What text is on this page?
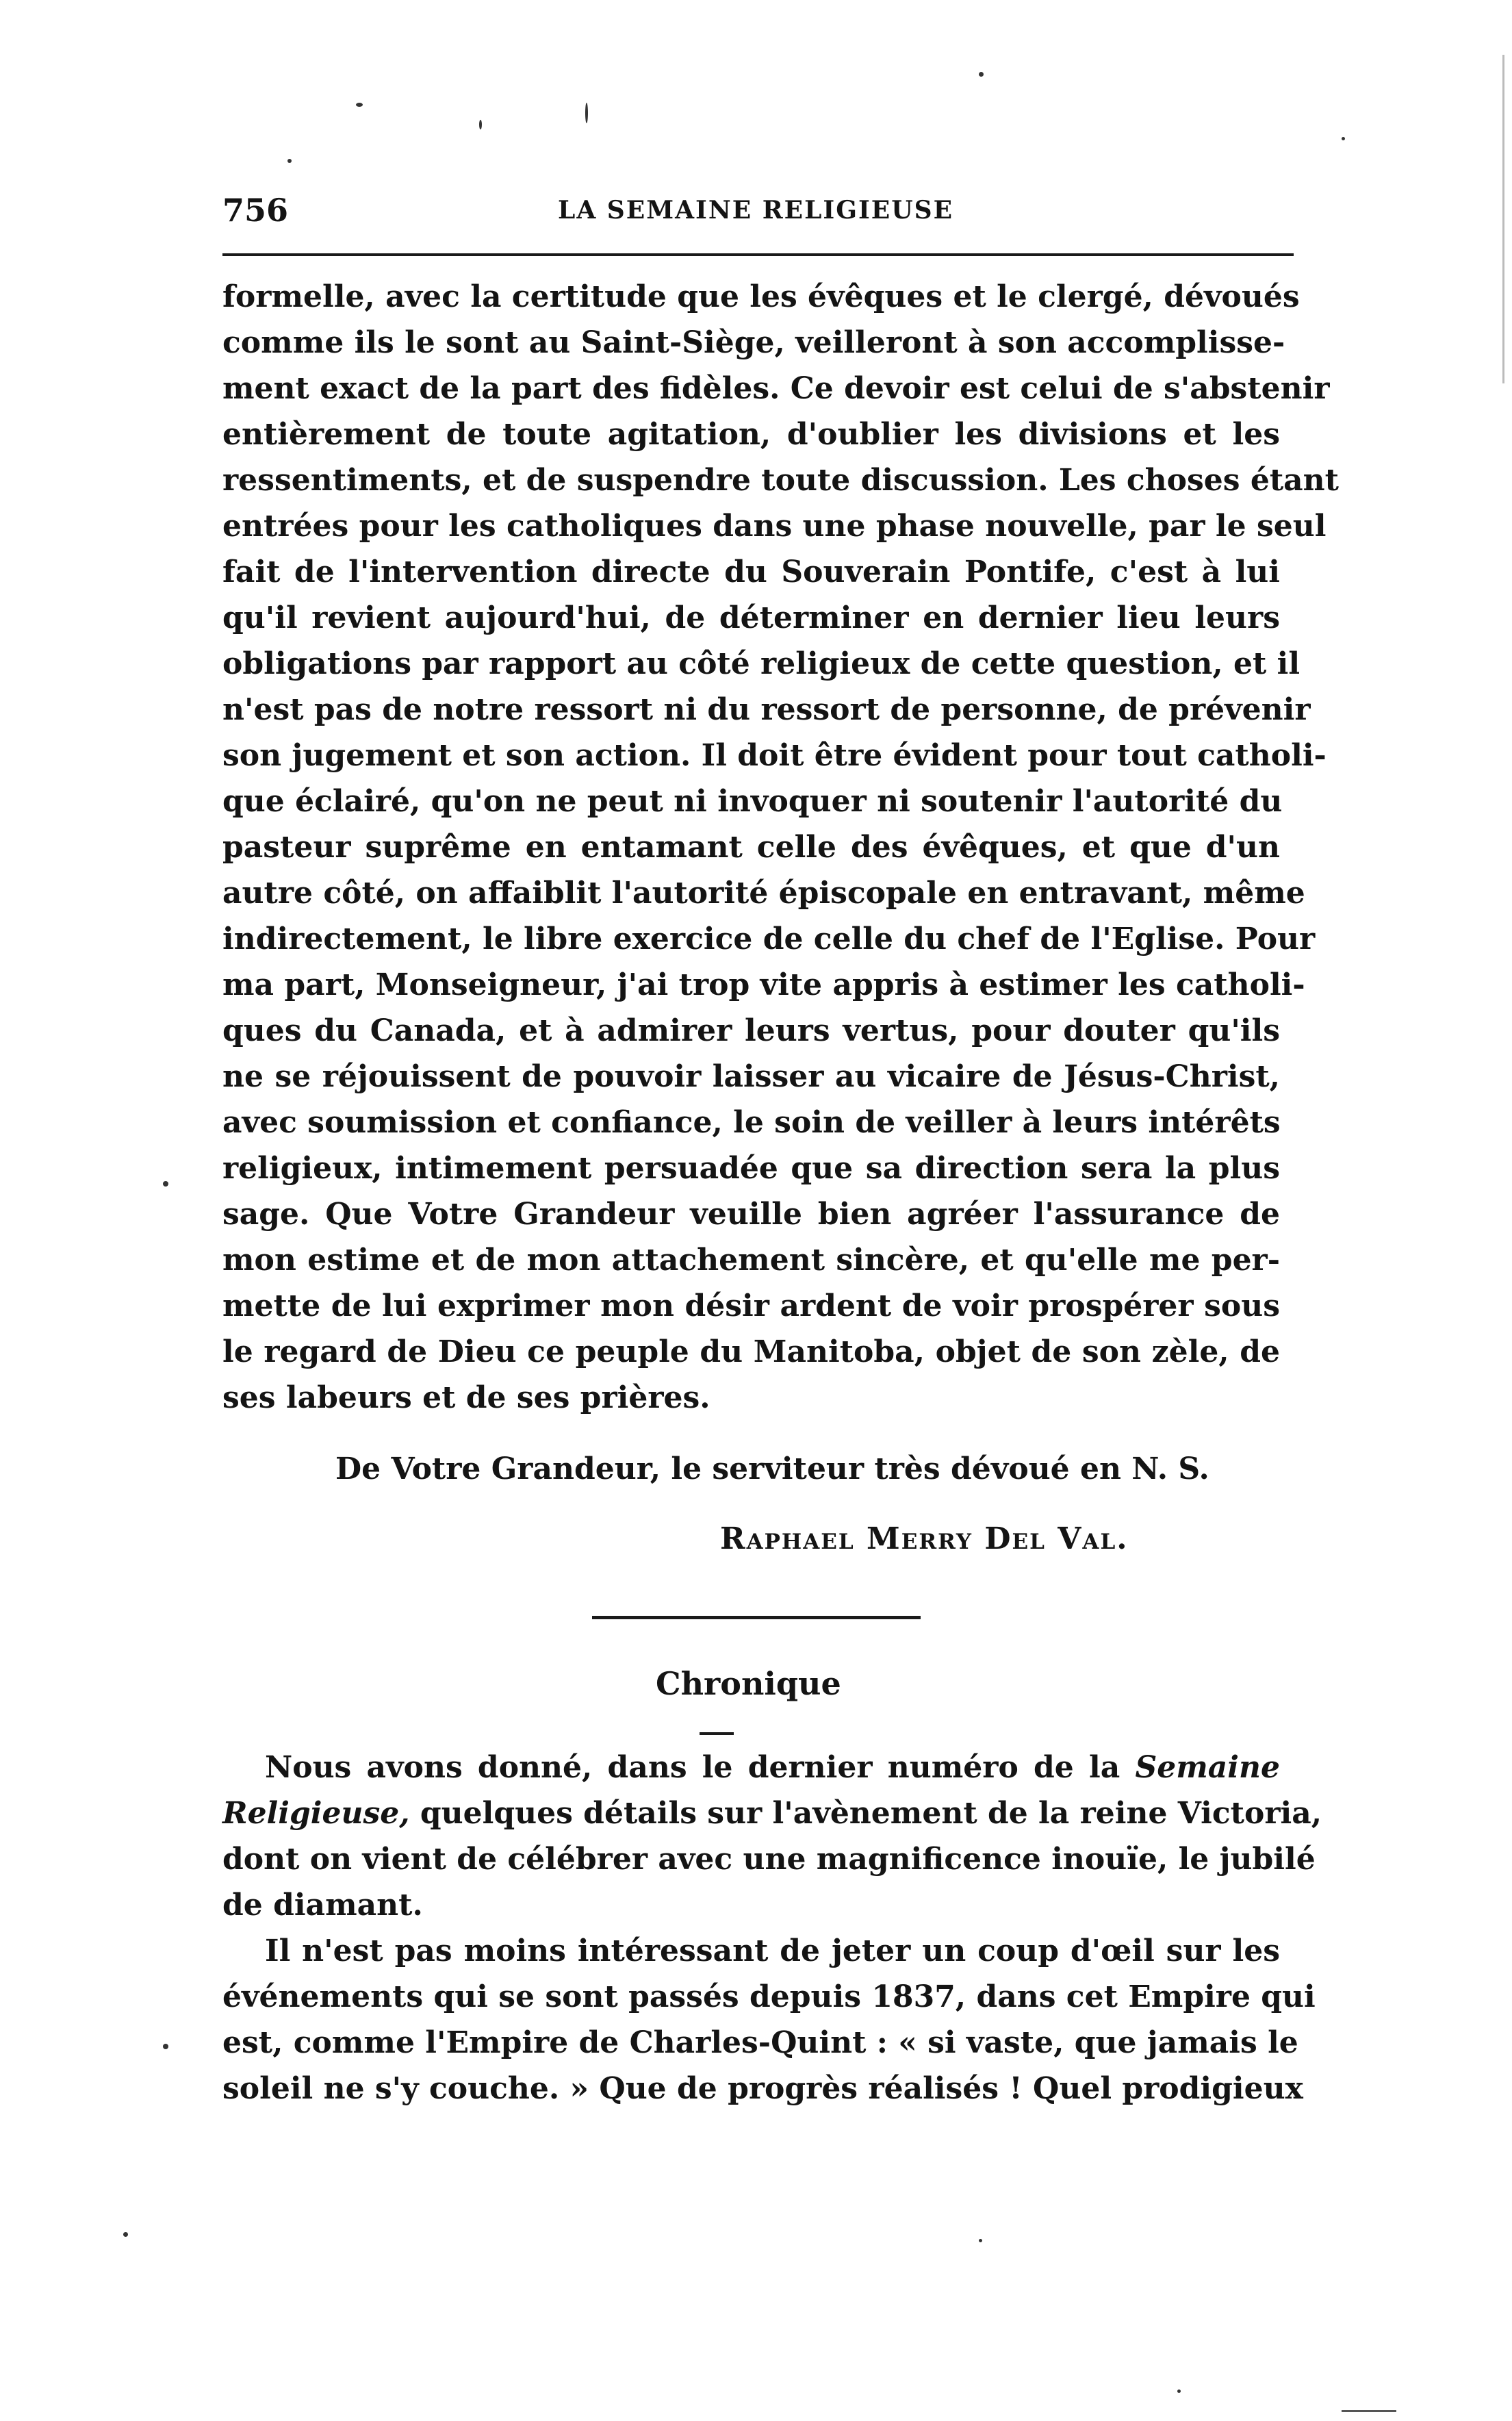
756	LA SEMAINE RELIGIEUSE
formelle, avec la certitude que les évêques et le clergé, dévoués
comme ils le sont au Saint-Siège, veilleront à son accomplisse-
ment exact de la part des fidèles. Ce devoir est celui de s'abstenir
entièrement de toute agitation, d'oublier les divisions et les
ressentiments, et de suspendre toute discussion. Les choses étant
entrées pour les catholiques dans une phase nouvelle, par le seul
fait de l'intervention directe du Souverain Pontife, c'est à lui
qu'il revient aujourd'hui, de déterminer en dernier lieu leurs
obligations par rapport au côté religieux de cette question, et il
n'est pas de notre ressort ni du ressort de personne, de prévenir
son jugement et son action. Il doit être évident pour tout catholi-
que éclairé, qu'on ne peut ni invoquer ni soutenir l'autorité du
pasteur suprême en entamant celle des évêques, et que d'un
autre côté, on affaiblit l'autorité épiscopale en entravant, même
indirectement, le libre exercice de celle du chef de l'Eglise. Pour
ma part, Monseigneur, j'ai trop vite appris à estimer les catholi-
ques du Canada, et à admirer leurs vertus, pour douter qu'ils
ne se réjouissent de pouvoir laisser au vicaire de Jésus-Christ,
avec soumission et confiance, le soin de veiller à leurs intérêts
religieux, intimement persuadée que sa direction sera la plus
sage. Que Votre Grandeur veuille bien agréer l'assurance de
mon estime et de mon attachement sincère, et qu'elle me per-
mette de lui exprimer mon désir ardent de voir prospérer sous
le regard de Dieu ce peuple du Manitoba, objet de son zèle, de
ses labeurs et de ses prières.
De Votre Grandeur, le serviteur très dévoué en N. S.
Raphael Merry Del Val.
Chronique
Nous avons donné, dans le dernier numéro de la Semaine
Religieuse, quelques détails sur l'avènement de la reine Victoria,
dont on vient de célébrer avec une magnificence inouïe, le jubilé
de diamant.
Il n'est pas moins intéressant de jeter un coup d'œil sur les
événements qui se sont passés depuis 1837, dans cet Empire qui
est, comme l'Empire de Charles-Quint : « si vaste, que jamais le
soleil ne s'y couche. » Que de progrès réalisés ! Quel prodigieux
